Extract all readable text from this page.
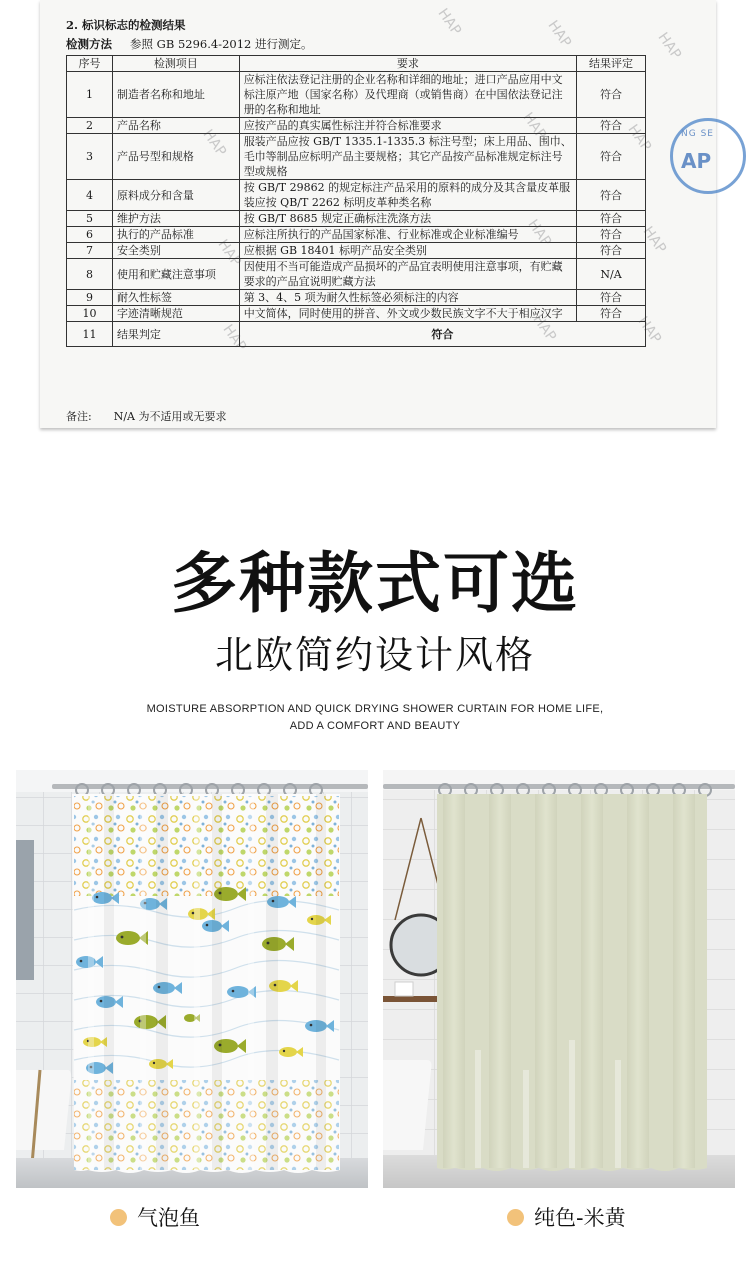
HAP
HAP
HAP
HAP
HAP
HAP
HAP
HAP	HAP
HAP	HAP
HAP
2. 标识标志的检测结果
检测方法 参照 GB 5296.4-2012 进行测定。
序号	检测项目	要求	结果评定
1	制造者名称和地址	应标注依法登记注册的企业名称和详细的地址；进口产品应用中文标注原产地（国家名称）及代理商（或销售商）在中国依法登记注册的名称和地址	符合
2	产品名称	应按产品的真实属性标注并符合标准要求	符合
3	产品号型和规格	服装产品应按 GB/T 1335.1-1335.3 标注号型；床上用品、围巾、毛巾等制品应标明产品主要规格；其它产品按产品标准规定标注号型或规格	符合
4	原料成分和含量	按 GB/T 29862 的规定标注产品采用的原料的成分及其含量皮革服装应按 QB/T 2262 标明皮革种类名称	符合
5	维护方法	按 GB/T 8685 规定正确标注洗涤方法	符合
6	执行的产品标准	应标注所执行的产品国家标准、行业标准或企业标准编号	符合
7	安全类别	应根据 GB 18401 标明产品安全类别	符合
8	使用和贮藏注意事项	因使用不当可能造成产品损坏的产品宜表明使用注意事项，有贮藏要求的产品宜说明贮藏方法	N/A
9	耐久性标签	第 3、4、5 项为耐久性标签必须标注的内容	符合
10	字迹清晰规范	中文简体，同时使用的拼音、外文或少数民族文字不大于相应汉字	符合
11	结果判定	符合	
备注: N/A 为不适用或无要求
NG SE
AP
多种款式可选
北欧简约设计风格
MOISTURE ABSORPTION AND QUICK DRYING SHOWER CURTAIN FOR HOME LIFE,
ADD A COMFORT AND BEAUTY
气泡鱼	纯色-米黄
